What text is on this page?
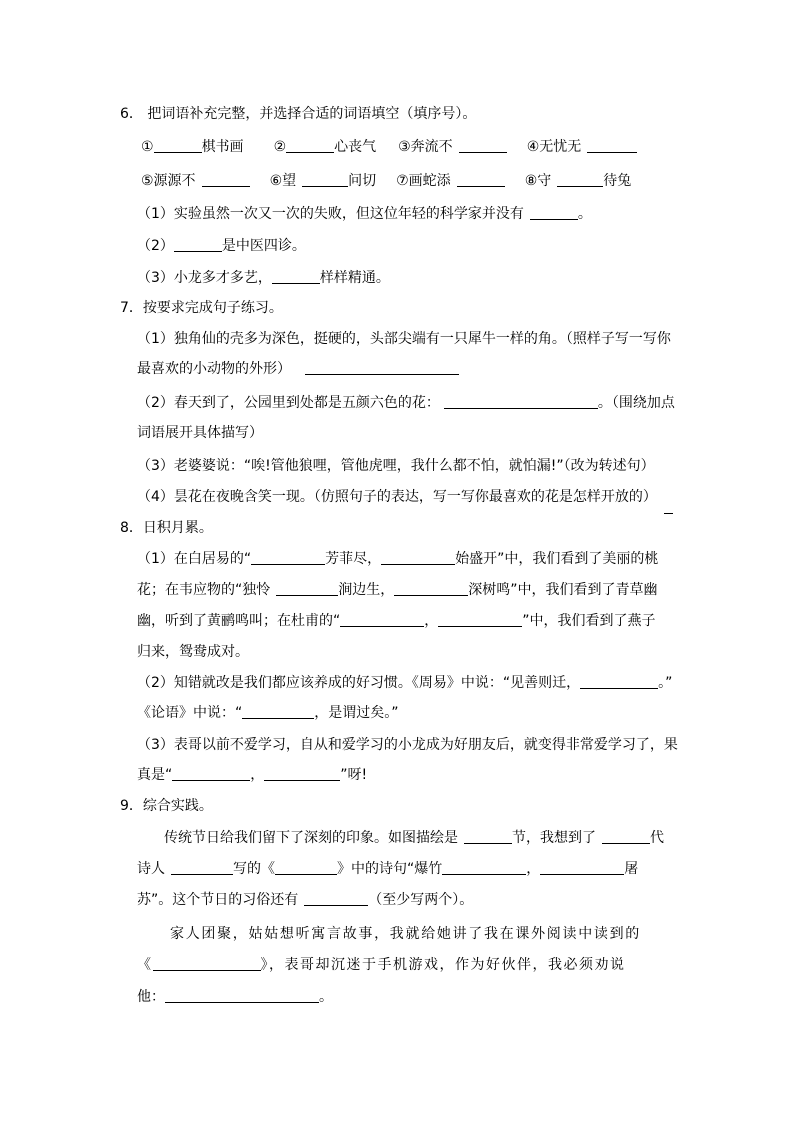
6． 把词语补充完整，并选择合适的词语填空（填序号）。
①	棋书画 ②	心丧气 ③奔流不	④无忧无
⑤源源不	⑥望	问切 ⑦画蛇添	⑧守	待兔
（1）实验虽然一次又一次的失败，但这位年轻的科学家并没有	。
（2）	是中医四诊。
（3）小龙多才多艺，	样样精通。
7．按要求完成句子练习。
（1）独角仙的壳多为深色，挺硬的，头部尖端有一只犀牛一样的角。（照样子写一写你
最喜欢的小动物的外形）
（2）春天到了，公园里到处都是五颜六色的花：	。（围绕加点
词语展开具体描写）
（3）老婆婆说：“唉!管他狼哩，管他虎哩，我什么都不怕，就怕漏!”（改为转述句）
（4）昙花在夜晚含笑一现。（仿照句子的表达，写一写你最喜欢的花是怎样开放的）
8．日积月累。
（1）在白居易的“	芳菲尽，	始盛开”中，我们看到了美丽的桃
花；在韦应物的“独怜	涧边生，	深树鸣”中，我们看到了青草幽
幽，听到了黄鹂鸣叫；在杜甫的“	，	”中，我们看到了燕子
归来，鸳鸯成对。
（2）知错就改是我们都应该养成的好习惯。《周易》中说：“见善则迁，	。”
《论语》中说：“	，是谓过矣。”
（3）表哥以前不爱学习，自从和爱学习的小龙成为好朋友后，就变得非常爱学习了，果
真是“	，	”呀!
9．综合实践。
传统节日给我们留下了深刻的印象。如图描绘是	节，我想到了	代
诗人	写的《	》中的诗句“爆竹	，	屠
苏”。这个节日的习俗还有	（至少写两个）。
家人团聚，姑姑想听寓言故事，我就给她讲了我在课外阅读中读到的
《	》，表哥却沉迷于手机游戏，作为好伙伴，我必须劝说
他：	。
